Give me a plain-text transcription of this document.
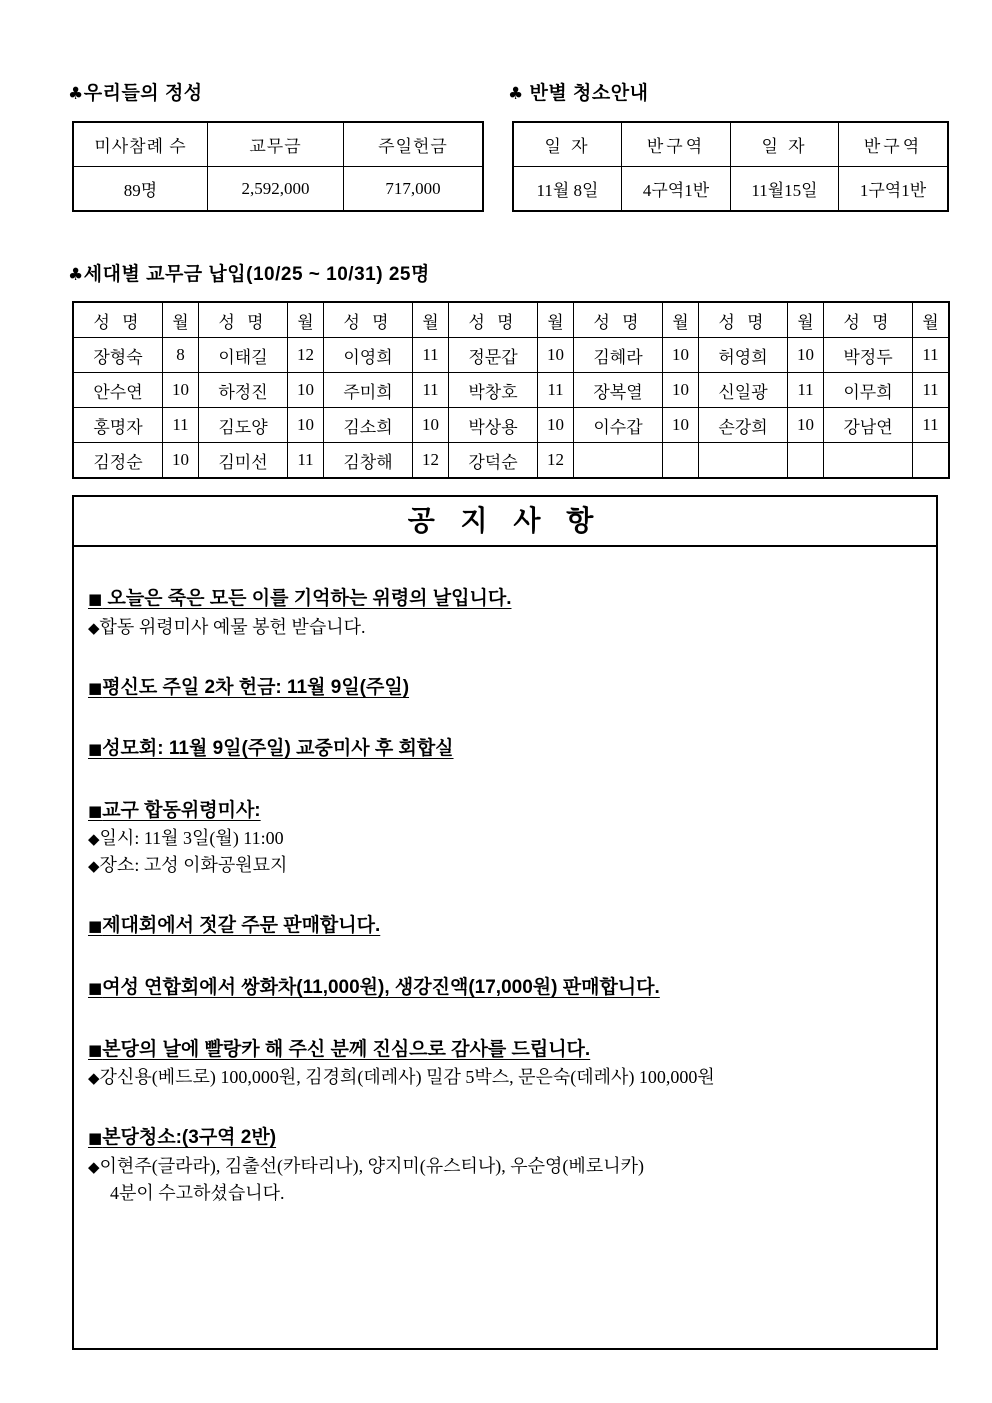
♣우리들의 정성
미사참례 수	교무금	주일헌금
89명	2,592,000	717,000
♣ 반별 청소안내
일 자	반구역	일 자	반구역
11월 8일	4구역1반	11월15일	1구역1반
♣세대별 교무금 납입(10/25 ~ 10/31) 25명
성 명	월	성 명	월	성 명	월	성 명	월	성 명	월	성 명	월	성 명	월
장형숙	8	이태길	12	이영희	11	정문갑	10	김혜라	10	허영희	10	박정두	11
안수연	10	하정진	10	주미희	11	박창호	11	장복열	10	신일광	11	이무희	11
홍명자	11	김도양	10	김소희	10	박상용	10	이수갑	10	손강희	10	강남연	11
김정순	10	김미선	11	김창해	12	강덕순	12						
공 지 사 항
■ 오늘은 죽은 모든 이를 기억하는 위령의 날입니다.
◆합동 위령미사 예물 봉헌 받습니다.
■평신도 주일 2차 헌금: 11월 9일(주일)
■성모회: 11월 9일(주일) 교중미사 후 회합실
■교구 합동위령미사:
◆일시: 11월 3일(월) 11:00
◆장소: 고성 이화공원묘지
■제대회에서 젓갈 주문 판매합니다.
■여성 연합회에서 쌍화차(11,000원), 생강진액(17,000원) 판매합니다.
■본당의 날에 빨랑카 해 주신 분께 진심으로 감사를 드립니다.
◆강신용(베드로) 100,000원, 김경희(데레사) 밀감 5박스, 문은숙(데레사) 100,000원
■본당청소:(3구역 2반)
◆이현주(글라라), 김출선(카타리나), 양지미(유스티나), 우순영(베로니카)
4분이 수고하셨습니다.
